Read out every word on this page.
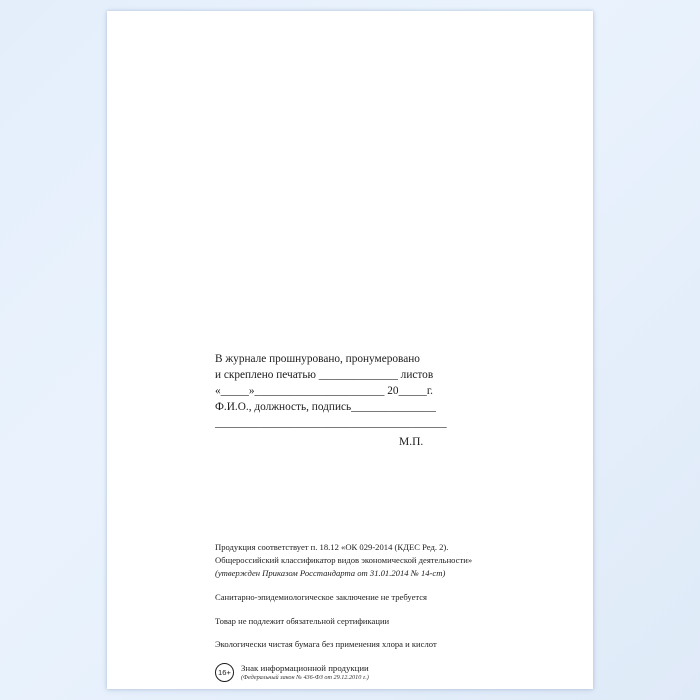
В журнале прошнуровано, пронумеровано
и скреплено печатью ______________ листов
«_____»_______________________ 20_____г.
Ф.И.О., должность, подпись_______________
_________________________________________
М.П.
Продукция соответствует п. 18.12 «ОК 029-2014 (КДЕС Ред. 2).
Общероссийский классификатор видов экономической деятельности»
(утвержден Приказом Росстандарта от 31.01.2014 № 14-ст)
Санитарно-эпидемиологическое заключение не требуется
Товар не подлежит обязательной сертификации
Экологически чистая бумага без применения хлора и кислот
16+	Знак информационной продукции
(Федеральный закон № 436-ФЗ от 29.12.2010 г.)
